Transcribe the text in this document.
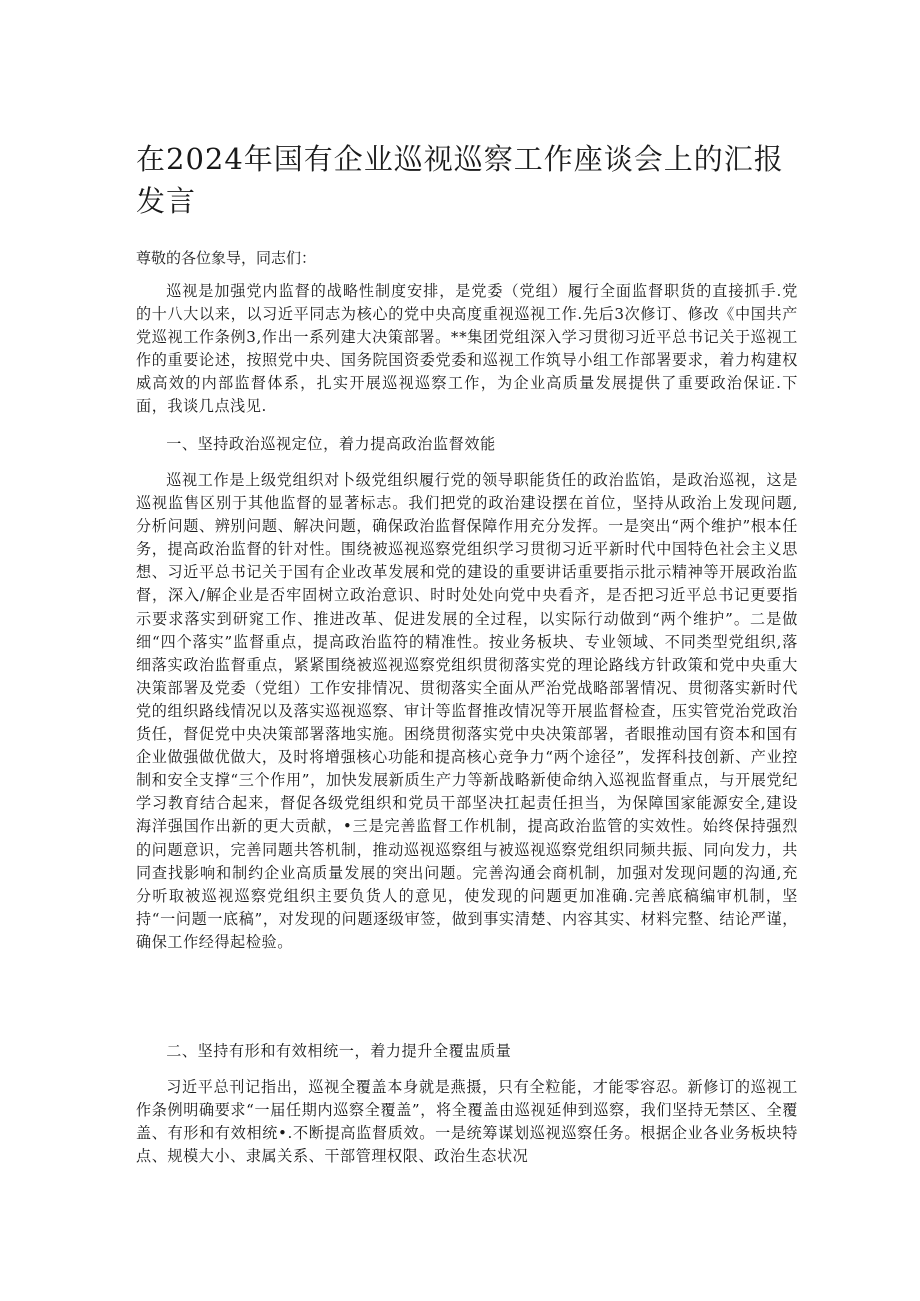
在2024年国有企业巡视巡察工作座谈会上的汇报发言

尊敬的各位象导，同志们：

巡视是加强党内监督的战略性制度安排，是党委（党组）履行全面监督职货的直接抓手.党的十八大以来，以习近平同志为核心的党中央高度重视巡视工作.先后3次修订、修改《中国共产党巡视工作条例3,作出一系列建大决策部署。**集团党组深入学习贯彻习近平总书记关于巡视工作的重要论述，按照党中央、国务院国资委党委和巡视工作筑导小组工作部署要求，着力构建权威高效的内部监督体系，扎实开展巡视巡察工作，为企业高质量发展提供了重要政治保证.下面，我谈几点浅见.

一、坚持政治巡视定位，着力提高政治监督效能

巡视工作是上级党组织对卜级党组织履行党的领导职能货任的政治监馅，是政治巡视，这是巡视监售区别于其他监督的显著标志。我们把党的政治建设摆在首位，坚持从政治上发现问题,分析问题、辨别问题、解决问题，确保政治监督保障作用充分发挥。一是突出“两个维护”根本任务，提高政治监督的针对性。围绕被巡视巡察党组织学习贯彻习近平新时代中国特色社会主义思想、习近平总书记关于国有企业改革发展和党的建设的重要讲话重要指示批示精神等开展政治监督，深入/解企业是否牢固树立政治意识、时时处处向党中央看齐，是否把习近平总书记更要指示要求落实到研窕工作、推进改革、促进发展的全过程，以实际行动做到“两个维护”。二是做细“四个落实”监督重点，提高政治监符的精准性。按业务板块、专业领域、不同类型党组织,落细落实政治监督重点，紧紧围绕被巡视巡察党组织贯彻落实党的理论路线方针政策和党中央重大决策部署及党委（党组）工作安排情况、贯彻落实全面从严治党战略部署情况、贯彻落实新时代党的组织路线情况以及落实巡视巡察、审计等监督推改情况等开展监督检查，压实管党治党政治货任，督促党中央决策部署落地实施。困绕贯彻落实党中央决策部署，者眼推动国有资本和国有企业做强做优做大，及时将增强核心功能和提高核心竞争力“两个途径”，发挥科技创新、产业控制和安全支撑“三个作用”，加快发展新质生产力等新战略新使命纳入巡视监督重点，与开展党纪学习教育结合起来，督促各级党组织和党员干部坚决扛起责任担当，为保障国家能源安全,建设海洋强国作出新的更大贡献，•三是完善监督工作机制，提高政治监管的实效性。始终保持强烈的问题意识，完善同题共答机制，推动巡视巡察组与被巡视巡察党组织同频共振、同向发力，共同查找影响和制约企业高质量发展的突出问题。完善沟通会商机制，加强对发现问题的沟通,充分听取被巡视巡察党组织主要负货人的意见，使发现的问题更加准确.完善底稿编审机制，坚持“一问题一底稿”，对发现的问题逐级审签，做到事实清楚、内容其实、材料完整、结论严谨，确保工作经得起检验。

二、坚持有形和有效相统一，着力提升全覆盅质量

习近平总刊记指出，巡视全覆盖本身就是燕摄，只有全粒能，才能零容忍。新修订的巡视工作条例明确要求“一届任期内巡察全覆盖”，将全覆盖由巡视延伸到巡察，我们坚持无禁区、全覆盖、有形和有效相统•.不断提高监督质效。一是统筹谋划巡视巡察任务。根据企业各业务板块特点、规模大小、隶属关系、干部管理权限、政治生态状况
